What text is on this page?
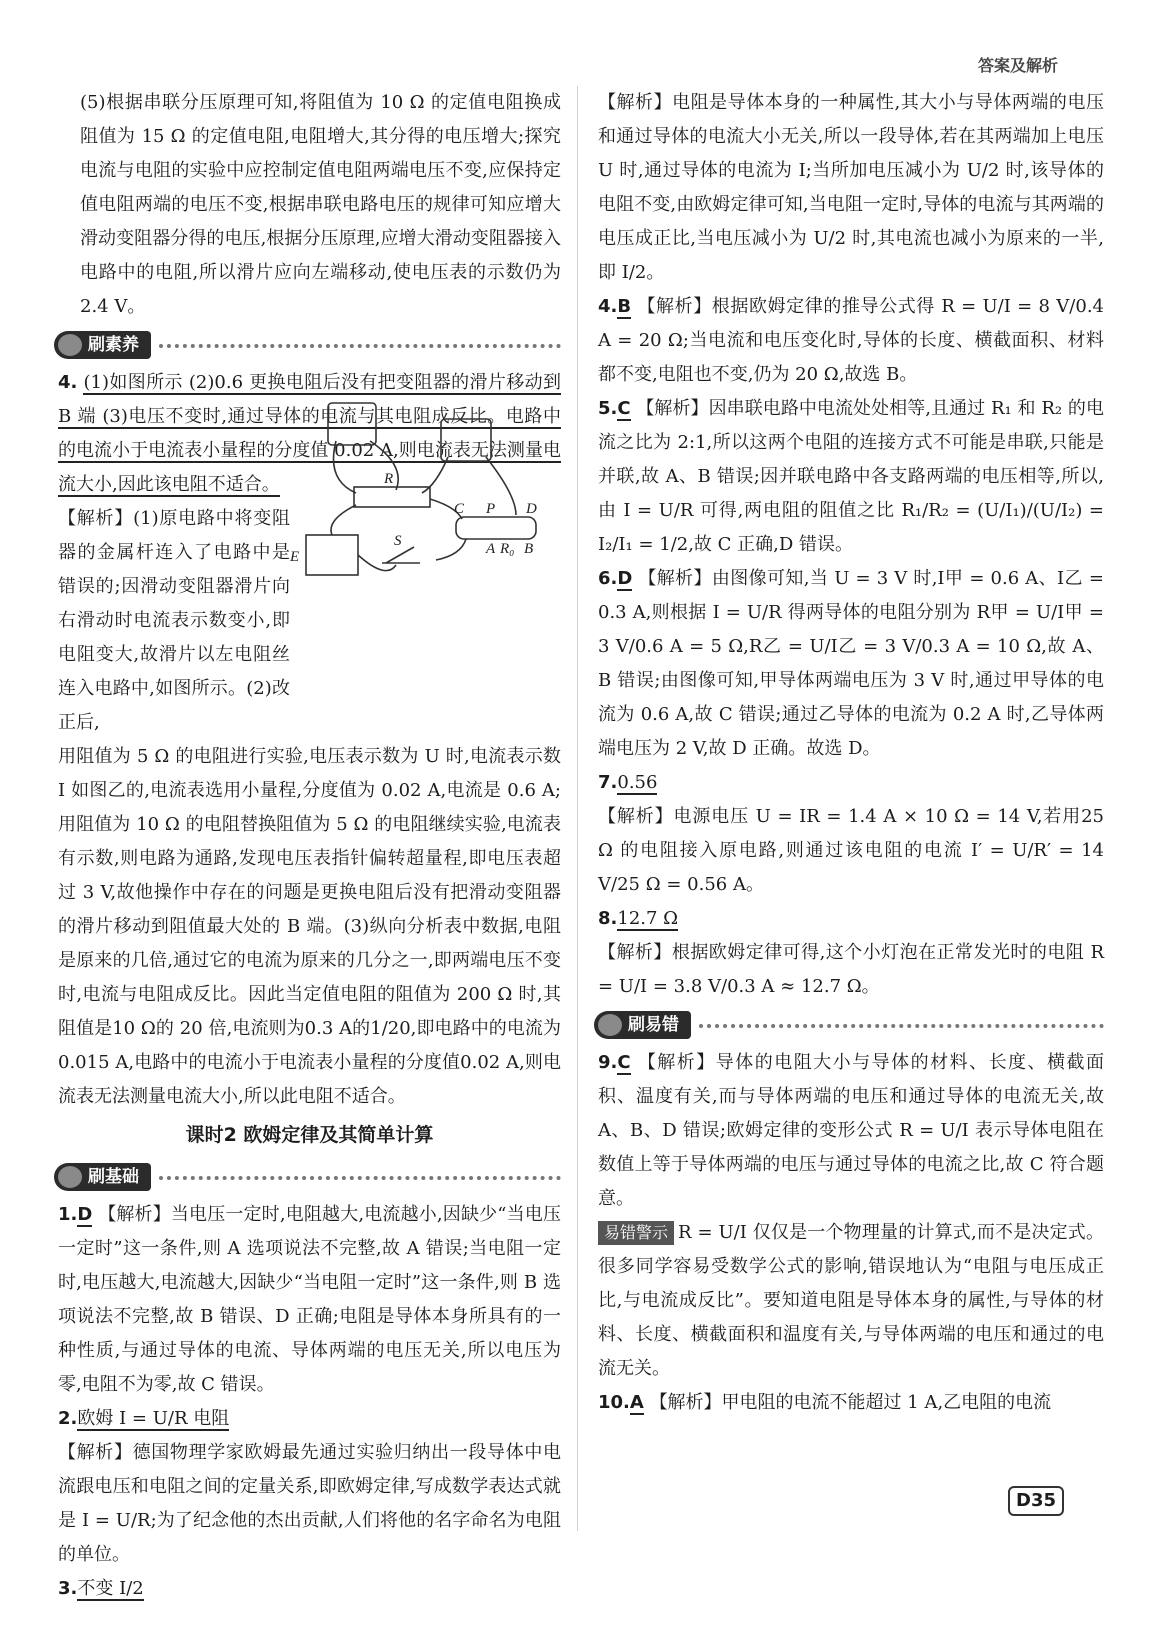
答案及解析

(5)根据串联分压原理可知,将阻值为 10 Ω 的定值电阻换成阻值为 15 Ω 的定值电阻,电阻增大,其分得的电压增大;探究电流与电阻的实验中应控制定值电阻两端电压不变,应保持定值电阻两端的电压不变,根据串联电路电压的规律可知应增大滑动变阻器分得的电压,根据分压原理,应增大滑动变阻器接入电路中的电阻,所以滑片应向左端移动,使电压表的示数仍为2.4 V。

刷素养

4. (1)如图所示 (2)0.6 更换电阻后没有把变阻器的滑片移动到 B 端 (3)电压不变时,通过导体的电流与其电阻成反比。电路中的电流小于电流表小量程的分度值 0.02 A,则电流表无法测量电流大小,因此该电阻不适合。

【解析】(1)原电路中将变阻器的金属杆连入了电路中是错误的;因滑动变阻器滑片向右滑动时电流表示数变小,即电阻变大,故滑片以左电阻丝连入电路中,如图所示。(2)改正后,

用阻值为 5 Ω 的电阻进行实验,电压表示数为 U 时,电流表示数 I 如图乙的,电流表选用小量程,分度值为 0.02 A,电流是 0.6 A;用阻值为 10 Ω 的电阻替换阻值为 5 Ω 的电阻继续实验,电流表有示数,则电路为通路,发现电压表指针偏转超量程,即电压表超过 3 V,故他操作中存在的问题是更换电阻后没有把滑动变阻器的滑片移动到阻值最大处的 B 端。(3)纵向分析表中数据,电阻是原来的几倍,通过它的电流为原来的几分之一,即两端电压不变时,电流与电阻成反比。因此当定值电阻的阻值为 200 Ω 时,其阻值是10 Ω的 20 倍,电流则为0.3 A的1/20,即电路中的电流为0.015 A,电路中的电流小于电流表小量程的分度值0.02 A,则电流表无法测量电流大小,所以此电阻不适合。

课时2 欧姆定律及其简单计算
刷基础

1.D 【解析】当电压一定时,电阻越大,电流越小,因缺少“当电压一定时”这一条件,则 A 选项说法不完整,故 A 错误;当电阻一定时,电压越大,电流越大,因缺少“当电阻一定时”这一条件,则 B 选项说法不完整,故 B 错误、D 正确;电阻是导体本身所具有的一种性质,与通过导体的电流、导体两端的电压无关,所以电压为零,电阻不为零,故 C 错误。

2.欧姆 I = U/R 电阻

【解析】德国物理学家欧姆最先通过实验归纳出一段导体中电流跟电压和电阻之间的定量关系,即欧姆定律,写成数学表达式就是 I = U/R;为了纪念他的杰出贡献,人们将他的名字命名为电阻的单位。

3.不变 I/2

R
C P D
S
E	A R₀ B

【解析】电阻是导体本身的一种属性,其大小与导体两端的电压和通过导体的电流大小无关,所以一段导体,若在其两端加上电压 U 时,通过导体的电流为 I;当所加电压减小为 U/2 时,该导体的电阻不变,由欧姆定律可知,当电阻一定时,导体的电流与其两端的电压成正比,当电压减小为 U/2 时,其电流也减小为原来的一半,即 I/2。

4.B 【解析】根据欧姆定律的推导公式得 R = U/I = 8 V/0.4 A = 20 Ω;当电流和电压变化时,导体的长度、横截面积、材料都不变,电阻也不变,仍为 20 Ω,故选 B。

5.C 【解析】因串联电路中电流处处相等,且通过 R₁ 和 R₂ 的电流之比为 2:1,所以这两个电阻的连接方式不可能是串联,只能是并联,故 A、B 错误;因并联电路中各支路两端的电压相等,所以,由 I = U/R 可得,两电阻的阻值之比 R₁/R₂ = (U/I₁)/(U/I₂) = I₂/I₁ = 1/2,故 C 正确,D 错误。

6.D 【解析】由图像可知,当 U = 3 V 时,I甲 = 0.6 A、I乙 = 0.3 A,则根据 I = U/R 得两导体的电阻分别为 R甲 = U/I甲 = 3 V/0.6 A = 5 Ω,R乙 = U/I乙 = 3 V/0.3 A = 10 Ω,故 A、B 错误;由图像可知,甲导体两端电压为 3 V 时,通过甲导体的电流为 0.6 A,故 C 错误;通过乙导体的电流为 0.2 A 时,乙导体两端电压为 2 V,故 D 正确。故选 D。

7.0.56

【解析】电源电压 U = IR = 1.4 A × 10 Ω = 14 V,若用25 Ω 的电阻接入原电路,则通过该电阻的电流 I′ = U/R′ = 14 V/25 Ω = 0.56 A。

8.12.7 Ω

【解析】根据欧姆定律可得,这个小灯泡在正常发光时的电阻 R = U/I = 3.8 V/0.3 A ≈ 12.7 Ω。

刷易错

9.C 【解析】导体的电阻大小与导体的材料、长度、横截面积、温度有关,而与导体两端的电压和通过导体的电流无关,故 A、B、D 错误;欧姆定律的变形公式 R = U/I 表示导体电阻在数值上等于导体两端的电压与通过导体的电流之比,故 C 符合题意。

易错警示 R = U/I 仅仅是一个物理量的计算式,而不是决定式。很多同学容易受数学公式的影响,错误地认为“电阻与电压成正比,与电流成反比”。要知道电阻是导体本身的属性,与导体的材料、长度、横截面积和温度有关,与导体两端的电压和通过的电流无关。

10.A 【解析】甲电阻的电流不能超过 1 A,乙电阻的电流

D35
